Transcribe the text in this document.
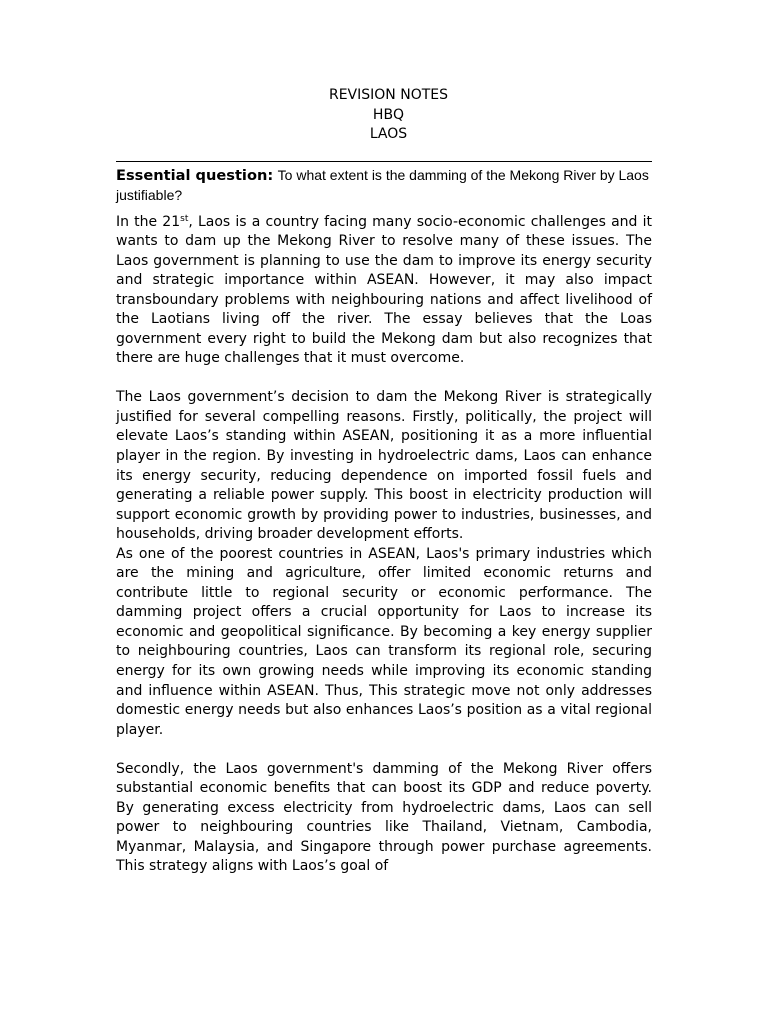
REVISION NOTES
HBQ
LAOS
Essential question: To what extent is the damming of the Mekong River by Laos justifiable?

In the 21st, Laos is a country facing many socio-economic challenges and it wants to dam up the Mekong River to resolve many of these issues. The Laos government is planning to use the dam to improve its energy security and strategic importance within ASEAN. However, it may also impact transboundary problems with neighbouring nations and affect livelihood of the Laotians living off the river. The essay believes that the Loas government every right to build the Mekong dam but also recognizes that there are huge challenges that it must overcome.

The Laos government’s decision to dam the Mekong River is strategically justified for several compelling reasons. Firstly, politically, the project will elevate Laos’s standing within ASEAN, positioning it as a more influential player in the region. By investing in hydroelectric dams, Laos can enhance its energy security, reducing dependence on imported fossil fuels and generating a reliable power supply. This boost in electricity production will support economic growth by providing power to industries, businesses, and households, driving broader development efforts.

As one of the poorest countries in ASEAN, Laos's primary industries which are the mining and agriculture, offer limited economic returns and contribute little to regional security or economic performance. The damming project offers a crucial opportunity for Laos to increase its economic and geopolitical significance. By becoming a key energy supplier to neighbouring countries, Laos can transform its regional role, securing energy for its own growing needs while improving its economic standing and influence within ASEAN. Thus, This strategic move not only addresses domestic energy needs but also enhances Laos’s position as a vital regional player.

Secondly, the Laos government's damming of the Mekong River offers substantial economic benefits that can boost its GDP and reduce poverty. By generating excess electricity from hydroelectric dams, Laos can sell power to neighbouring countries like Thailand, Vietnam, Cambodia, Myanmar, Malaysia, and Singapore through power purchase agreements. This strategy aligns with Laos’s goal of
